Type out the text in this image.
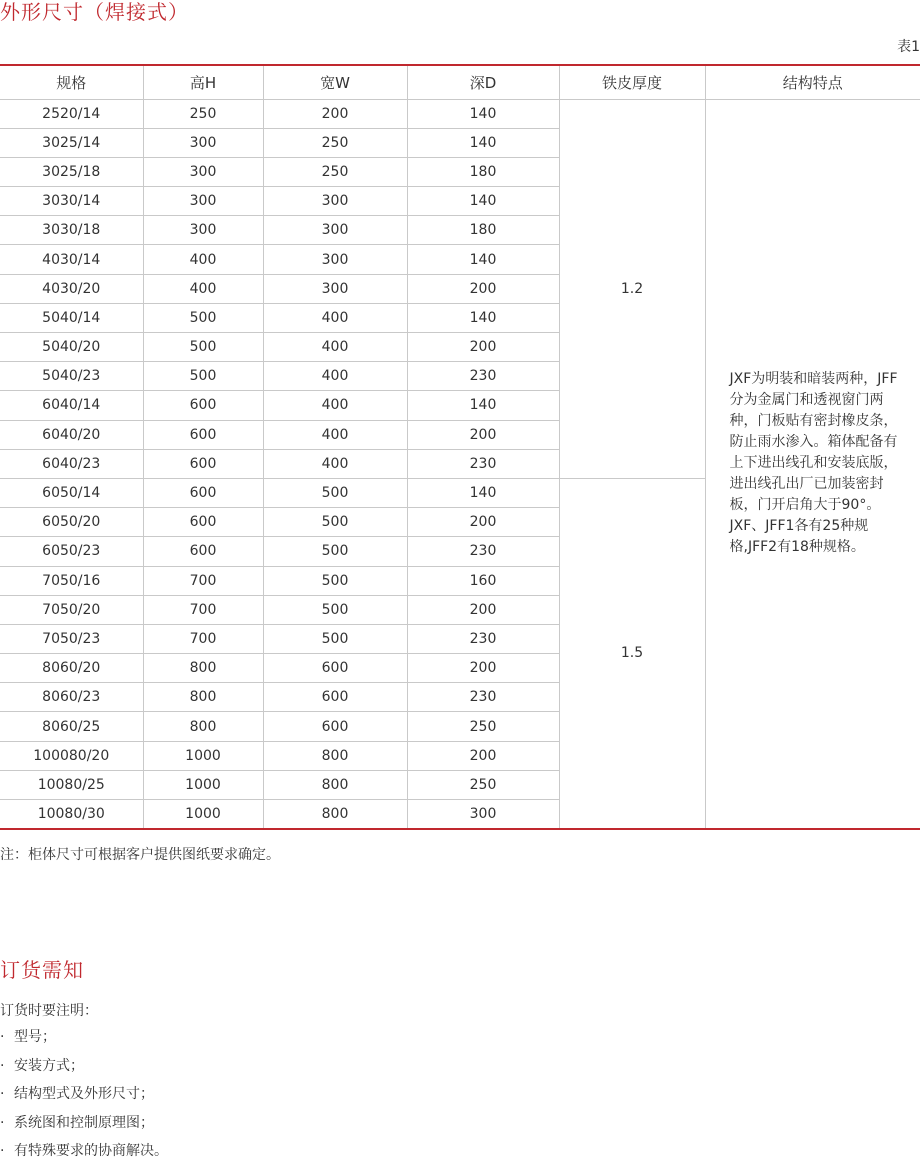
外形尺寸（焊接式）
表1
规格	高H	宽W	深D	铁皮厚度	结构特点
2520/14	250	200	140	1.2	JXF为明装和暗装两种，JFF分为金属门和透视窗门两种，门板贴有密封橡皮条，防止雨水渗入。箱体配备有上下进出线孔和安装底版，进出线孔出厂已加装密封板，门开启角大于90°。JXF、JFF1各有25种规格,JFF2有18种规格。

3025/14	300	250	140		
3025/18	300	250	180		
3030/14	300	300	140		
3030/18	300	300	180		
4030/14	400	300	140		
4030/20	400	300	200		
5040/14	500	400	140		
5040/20	500	400	200		
5040/23	500	400	230		
6040/14	600	400	140		
6040/20	600	400	200		
6040/23	600	400	230		
6050/14	600	500	140	1.5	
6050/20	600	500	200		
6050/23	600	500	230		
7050/16	700	500	160		
7050/20	700	500	200		
7050/23	700	500	230		
8060/20	800	600	200		
8060/23	800	600	230		
8060/25	800	600	250		
100080/20	1000	800	200		
10080/25	1000	800	250		
10080/30	1000	800	300		
注：柜体尺寸可根据客户提供图纸要求确定。
订货需知
订货时要注明：
· 型号；
· 安装方式；
· 结构型式及外形尺寸；
· 系统图和控制原理图；
· 有特殊要求的协商解决。
